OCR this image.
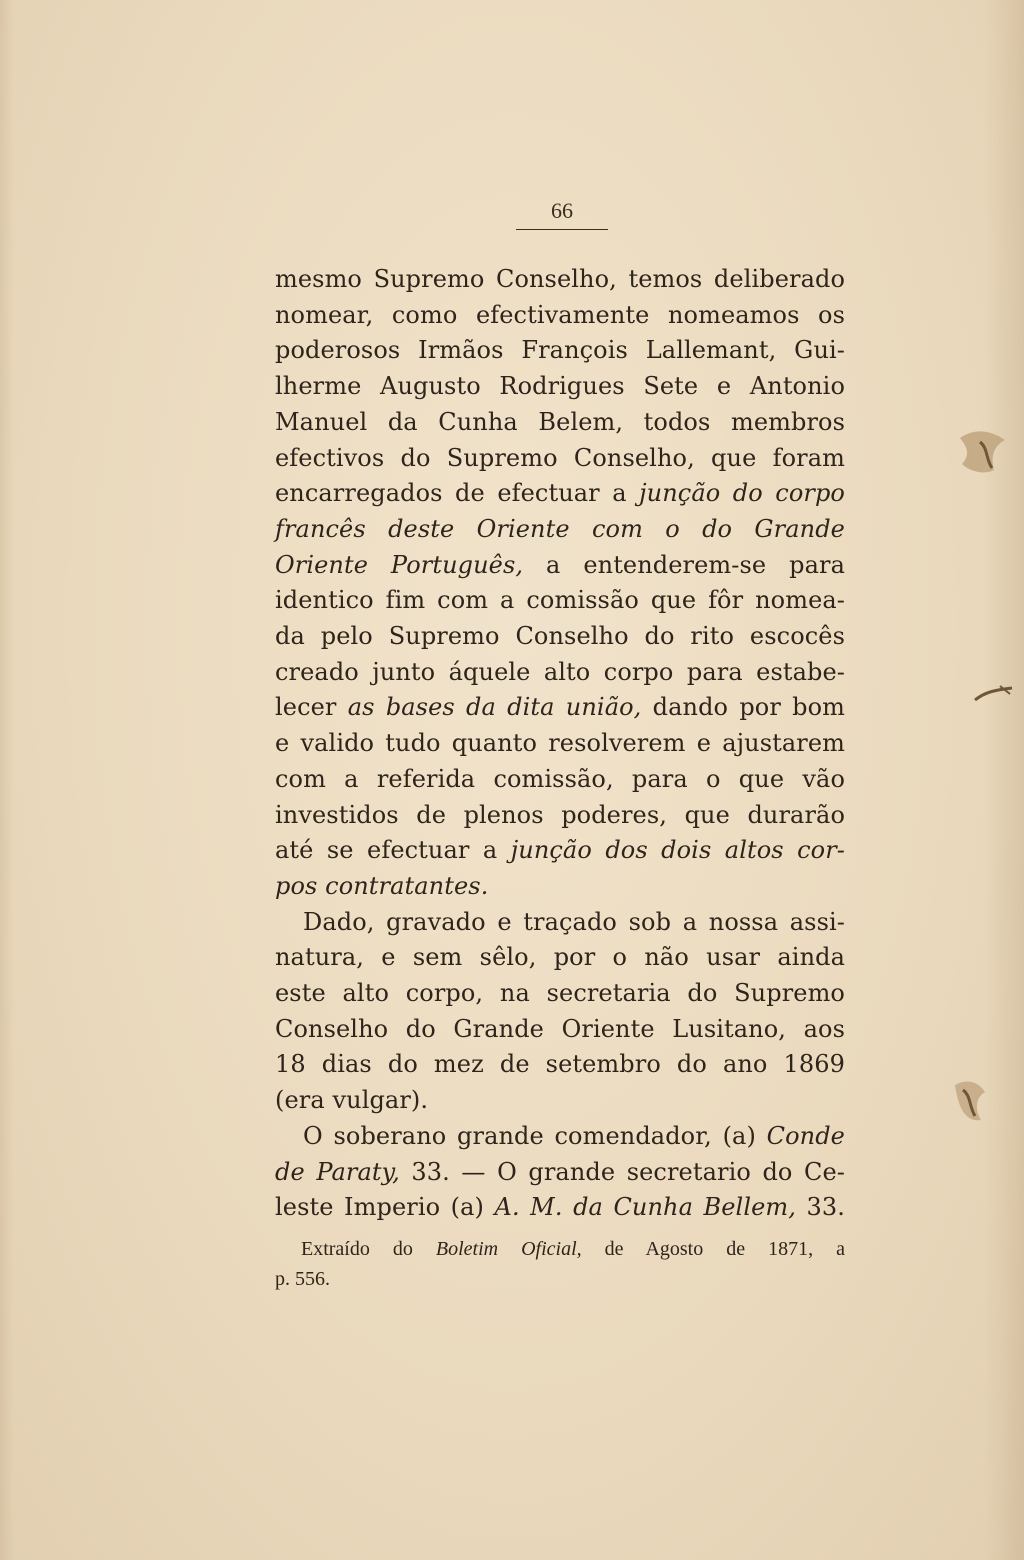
66
mesmo Supremo Conselho, temos deliberado
nomear, como efectivamente nomeamos os
poderosos Irmãos François Lallemant, Gui-
lherme Augusto Rodrigues Sete e Antonio
Manuel da Cunha Belem, todos membros
efectivos do Supremo Conselho, que foram
encarregados de efectuar a junção do corpo
francês deste Oriente com o do Grande
Oriente Português, a entenderem-se para
identico fim com a comissão que fôr nomea-
da pelo Supremo Conselho do rito escocês
creado junto áquele alto corpo para estabe-
lecer as bases da dita união, dando por bom
e valido tudo quanto resolverem e ajustarem
com a referida comissão, para o que vão
investidos de plenos poderes, que durarão
até se efectuar a junção dos dois altos cor-
pos contratantes.
Dado, gravado e traçado sob a nossa assi-
natura, e sem sêlo, por o não usar ainda
este alto corpo, na secretaria do Supremo
Conselho do Grande Oriente Lusitano, aos
18 dias do mez de setembro do ano 1869
(era vulgar).
O soberano grande comendador, (a) Conde
de Paraty, 33. — O grande secretario do Ce-
leste Imperio (a) A. M. da Cunha Bellem, 33.
Extraído do Boletim Oficial, de Agosto de 1871, a
p. 556.
